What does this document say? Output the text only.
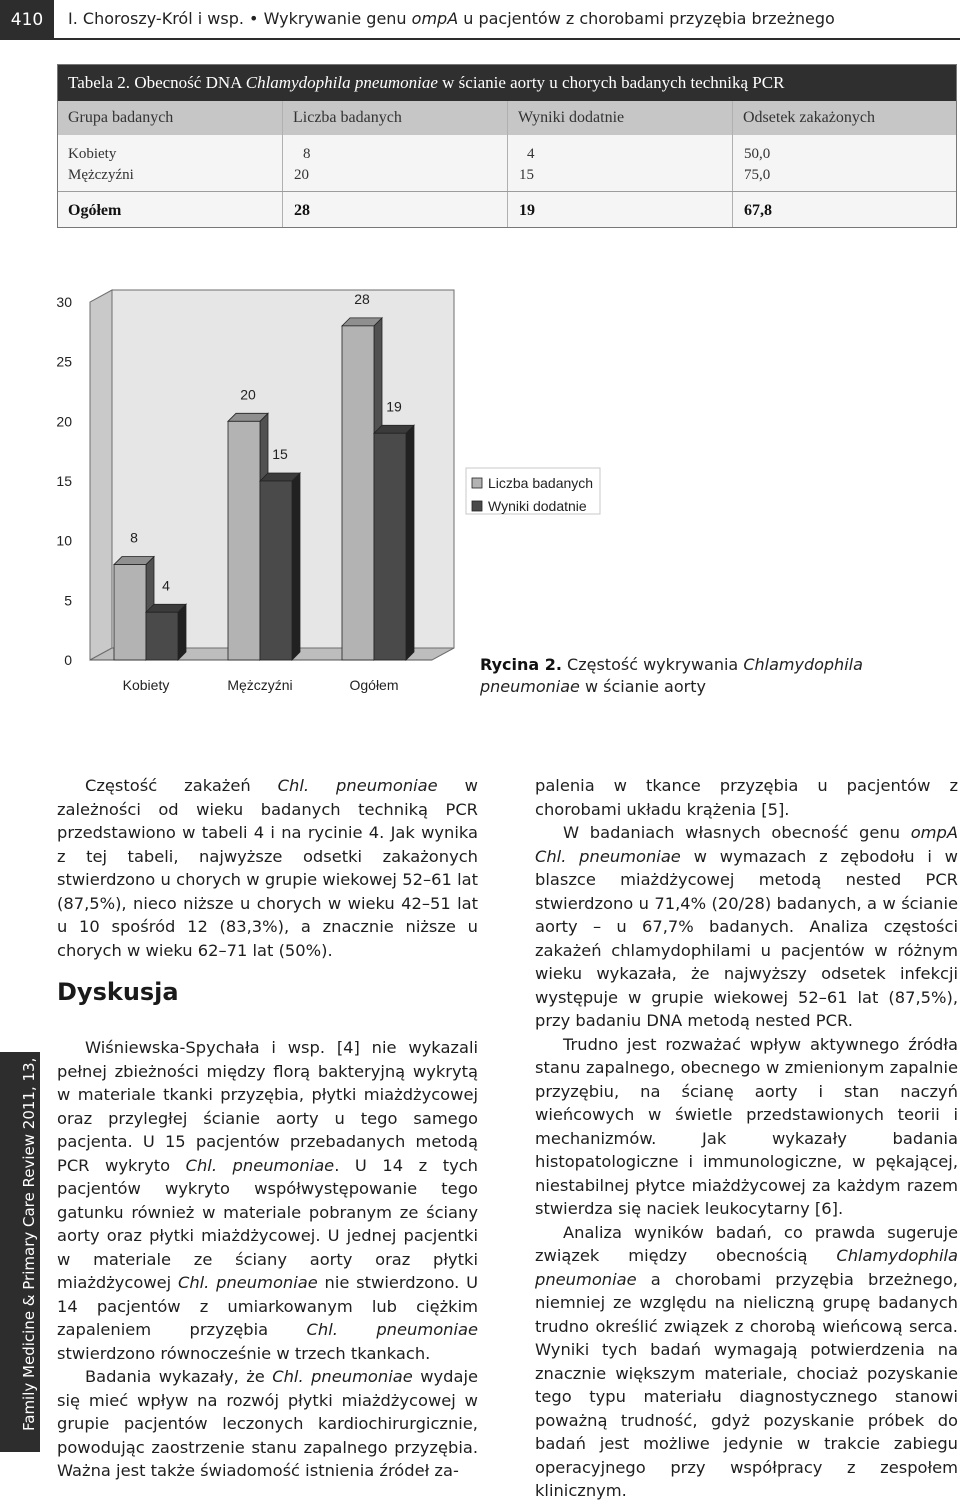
410	I. Choroszy-Król i wsp. • Wykrywanie genu ompA u pacjentów z chorobami przyzębia brzeżnego
Tabela 2. Obecność DNA Chlamydophila pneumoniae w ścianie aorty u chorych badanych techniką PCR
Grupa badanych	Liczba badanych	Wyniki dodatnie	Odsetek zakażonych
Kobiety	8	4	50,0
Mężczyźni	20	15	75,0
Ogółem	28	19	67,8
0
5
10
15
20
25
30
8
4
Kobiety
20
15
Mężczyźni
28
19
Ogółem
Liczba badanych
Wyniki dodatnie
Rycina 2. Częstość wykrywania Chlamydophila pneumoniae w ścianie aorty

Częstość zakażeń Chl. pneumoniae w zależności od wieku badanych techniką PCR przedstawiono w tabeli 4 i na rycinie 4. Jak wynika z tej tabeli, najwyższe odsetki zakażonych stwierdzono u chorych w grupie wiekowej 52–61 lat (87,5%), nieco niższe u chorych w wieku 42–51 lat u 10 spośród 12 (83,3%), a znacznie niższe u chorych w wieku 62–71 lat (50%).

Dyskusja

Wiśniewska-Spychała i wsp. [4] nie wykazali pełnej zbieżności między florą bakteryjną wykrytą w materiale tkanki przyzębia, płytki miażdżycowej oraz przyległej ścianie aorty u tego samego pacjenta. U 15 pacjentów przebadanych metodą PCR wykryto Chl. pneumoniae. U 14 z tych pacjentów wykryto współwystępowanie tego gatunku również w materiale pobranym ze ściany aorty oraz płytki miażdżycowej. U jednej pacjentki w materiale ze ściany aorty oraz płytki miażdżycowej Chl. pneumoniae nie stwierdzono. U 14 pacjentów z umiarkowanym lub ciężkim zapaleniem przyzębia Chl. pneumoniae stwierdzono równocześnie w trzech tkankach.

Badania wykazały, że Chl. pneumoniae wydaje się mieć wpływ na rozwój płytki miażdżycowej w grupie pacjentów leczonych kardiochirurgicznie, powodując zaostrzenie stanu zapalnego przyzębia. Ważna jest także świadomość istnienia źródeł za-

palenia w tkance przyzębia u pacjentów z chorobami układu krążenia [5].

W badaniach własnych obecność genu ompA Chl. pneumoniae w wymazach z zębodołu i w blaszce miażdżycowej metodą nested PCR stwierdzono u 71,4% (20/28) badanych, a w ścianie aorty – u 67,7% badanych. Analiza częstości zakażeń chlamydophilami u pacjentów w różnym wieku wykazała, że najwyższy odsetek infekcji występuje w grupie wiekowej 52–61 lat (87,5%), przy badaniu DNA metodą nested PCR.

Trudno jest rozważać wpływ aktywnego źródła stanu zapalnego, obecnego w zmienionym zapalnie przyzębiu, na ścianę aorty i stan naczyń wieńcowych w świetle przedstawionych teorii i mechanizmów. Jak wykazały badania histopatologiczne i immunologiczne, w pękającej, niestabilnej płytce miażdżycowej za każdym razem stwierdza się naciek leukocytarny [6].

Analiza wyników badań, co prawda sugeruje związek między obecnością Chlamydophila pneumoniae a chorobami przyzębia brzeżnego, niemniej ze względu na nieliczną grupę badanych trudno określić związek z chorobą wieńcową serca. Wyniki tych badań wymagają potwierdzenia na znacznie większym materiale, chociaż pozyskanie tego typu materiału diagnostycznego stanowi poważną trudność, gdyż pozyskanie próbek do badań jest możliwe jedynie w trakcie zabiegu operacyjnego przy współpracy z zespołem klinicznym.

Family Medicine & Primary Care Review 2011, 13, 3
